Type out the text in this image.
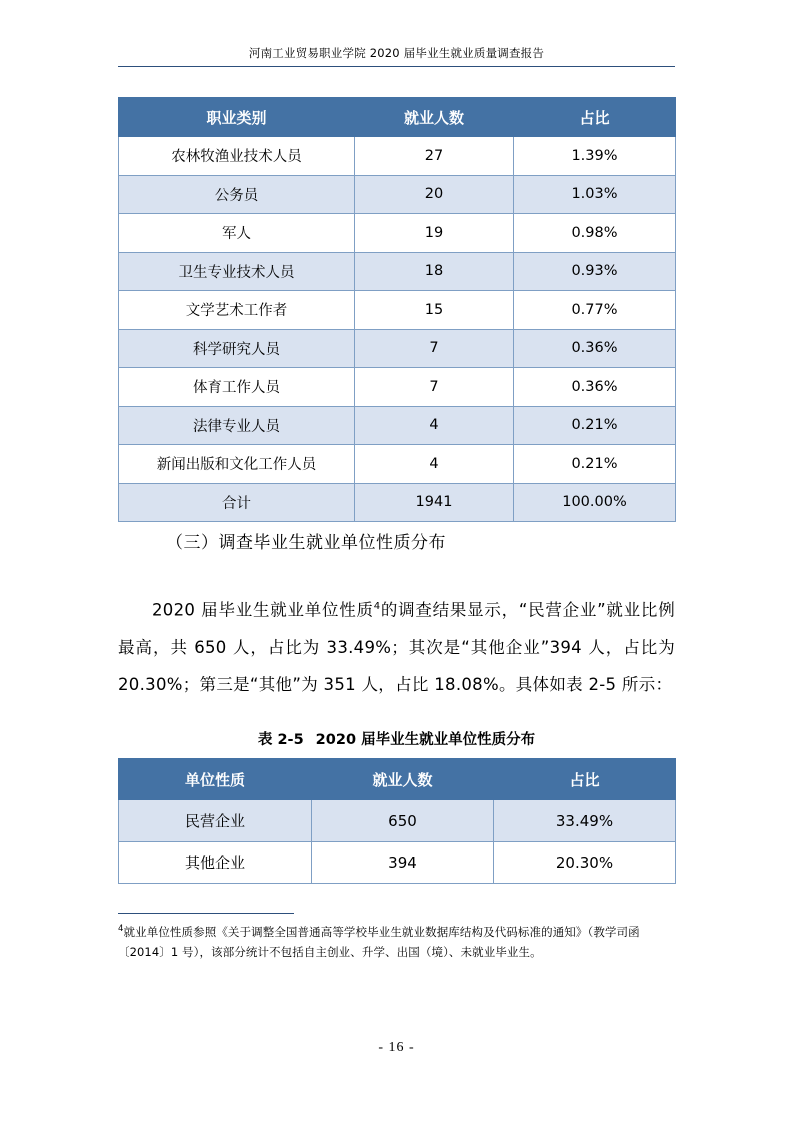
河南工业贸易职业学院 2020 届毕业生就业质量调查报告
职业类别	就业人数	占比
农林牧渔业技术人员	27	1.39%
公务员	20	1.03%
军人	19	0.98%
卫生专业技术人员	18	0.93%
文学艺术工作者	15	0.77%
科学研究人员	7	0.36%
体育工作人员	7	0.36%
法律专业人员	4	0.21%
新闻出版和文化工作人员	4	0.21%
合计	1941	100.00%
（三）调查毕业生就业单位性质分布
2020 届毕业生就业单位性质$^4$的调查结果显示，“民营企业”就业比例最高，共 650 人，占比为 33.49%；其次是“其他企业”394 人，占比为 20.30%；第三是“其他”为 351 人，占比 18.08%。具体如表 2-5 所示：
表 2-5 2020 届毕业生就业单位性质分布
单位性质	就业人数	占比
民营企业	650	33.49%
其他企业	394	20.30%
$^4$就业单位性质参照《关于调整全国普通高等学校毕业生就业数据库结构及代码标准的通知》（教学司函〔2014〕1 号），该部分统计不包括自主创业、升学、出国（境）、未就业毕业生。
- 16 -
